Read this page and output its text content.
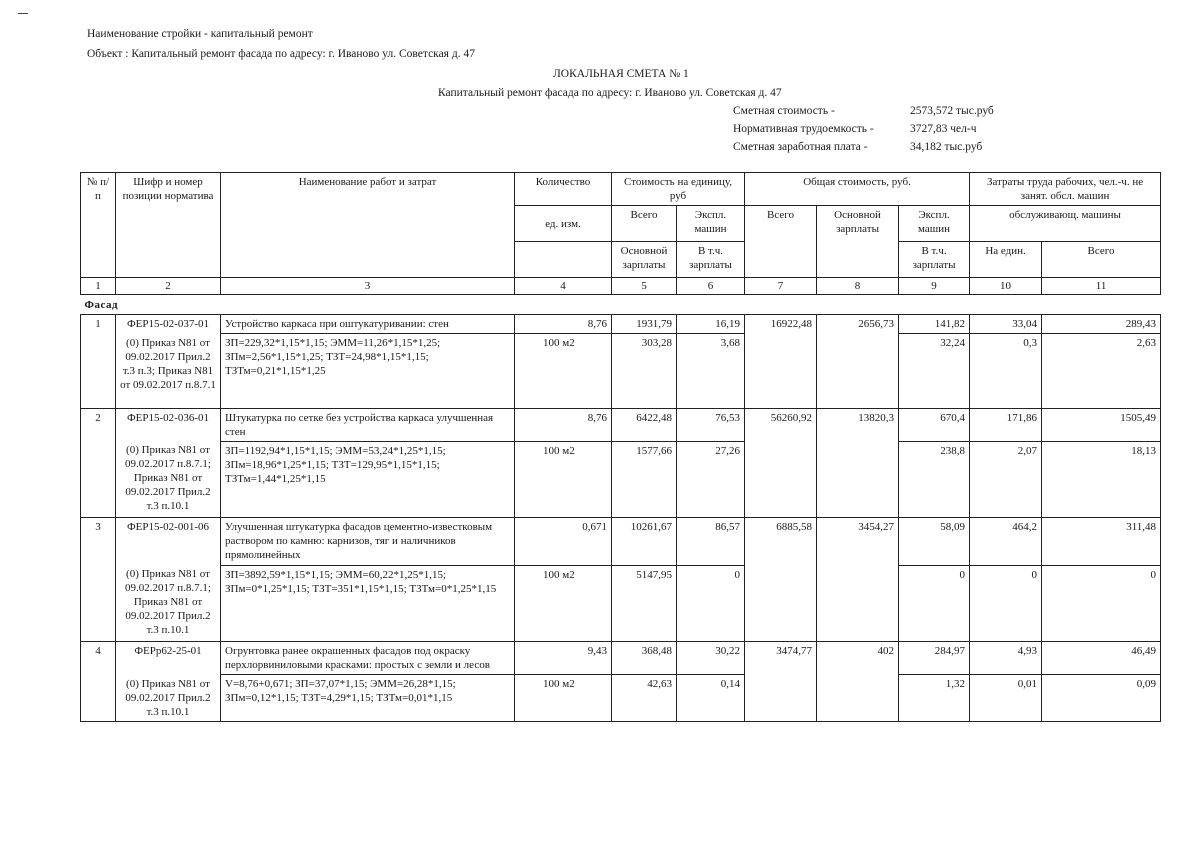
Наименование стройки - капитальный ремонт
Объект : Капитальный ремонт фасада по адресу: г. Иваново ул. Советская д. 47
ЛОКАЛЬНАЯ СМЕТА № 1
Капитальный ремонт фасада по адресу: г. Иваново ул. Советская д. 47
Сметная стоимость -	2573,572 тыс.руб
Нормативная трудоемкость -	3727,83 чел-ч
Сметная заработная плата -	34,182 тыс.руб
№ п/п	Шифр и номер позиции норматива	Наименование работ и затрат	Количество	Стоимость на единицу, руб		Общая стоимость, руб.			Затраты труда рабочих, чел.-ч. не занят. обсл. машин	
			ед. изм.	Всего	Экспл. машин	Всего	Основной зарплаты	Экспл. машин	обслуживающ. машины	
				Основной зарплаты	В т.ч. зарплаты			В т.ч. зарплаты	На един.	Всего
1	2	3	4	5	6	7	8	9	10	11
Фасад										
1	ФЕР15-02-037-01	Устройство каркаса при оштукатуривании: стен	8,76	1931,79	16,19	16922,48	2656,73	141,82	33,04	289,43
	(0) Приказ N81 от 09.02.2017 Прил.2 т.3 п.3; Приказ N81 от 09.02.2017 п.8.7.1	ЗП=229,32*1,15*1,15; ЭММ=11,26*1,15*1,25; ЗПм=2,56*1,15*1,25; ТЗТ=24,98*1,15*1,15; ТЗТм=0,21*1,15*1,25	100 м2	303,28	3,68			32,24	0,3	2,63
2	ФЕР15-02-036-01	Штукатурка по сетке без устройства каркаса улучшенная стен	8,76	6422,48	76,53	56260,92	13820,3	670,4	171,86	1505,49
	(0) Приказ N81 от 09.02.2017 п.8.7.1; Приказ N81 от 09.02.2017 Прил.2 т.3 п.10.1	ЗП=1192,94*1,15*1,15; ЭММ=53,24*1,25*1,15; ЗПм=18,96*1,25*1,15; ТЗТ=129,95*1,15*1,15; ТЗТм=1,44*1,25*1,15	100 м2	1577,66	27,26			238,8	2,07	18,13
3	ФЕР15-02-001-06	Улучшенная штукатурка фасадов цементно-известковым раствором по камню: карнизов, тяг и наличников прямолинейных	0,671	10261,67	86,57	6885,58	3454,27	58,09	464,2	311,48
	(0) Приказ N81 от 09.02.2017 п.8.7.1; Приказ N81 от 09.02.2017 Прил.2 т.3 п.10.1	ЗП=3892,59*1,15*1,15; ЭММ=60,22*1,25*1,15; ЗПм=0*1,25*1,15; ТЗТ=351*1,15*1,15; ТЗТм=0*1,25*1,15	100 м2	5147,95	0			0	0	0
4	ФЕРр62-25-01	Огрунтовка ранее окрашенных фасадов под окраску перхлорвиниловыми красками: простых с земли и лесов	9,43	368,48	30,22	3474,77	402	284,97	4,93	46,49
	(0) Приказ N81 от 09.02.2017 Прил.2 т.3 п.10.1	V=8,76+0,671; ЗП=37,07*1,15; ЭММ=26,28*1,15; ЗПм=0,12*1,15; ТЗТ=4,29*1,15; ТЗТм=0,01*1,15	100 м2	42,63	0,14			1,32	0,01	0,09
